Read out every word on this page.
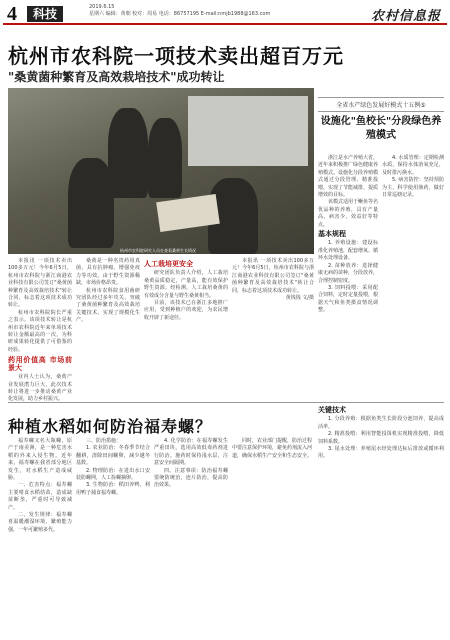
4	科技	2019.6.15
星期六 编辑：黄朝 校对：周易 电话：86757195 E-mail:nmjb1988@163.com	农村信息报
杭州市农科院一项技术卖出超百万元
"桑黄菌种繁育及高效栽培技术"成功转让
杭州市农科院研究人员在查看桑黄生长情况

本报讯 一项技术卖出100多万元！今年6月5日，杭州市农科院与浙江商港农业科技有限公司签订"桑黄菌种繁育及高效栽培技术"转让合同，标志着这项技术成功转让。

杭州市农科院院长严重之表示，该项技术转让是杭州市农科院近年来单项技术转让金额最高的一次，为科研成果转化提供了可借鉴的经验。

药用价值高 市场前景大

业内人士认为，桑黄产业发展潜力巨大，此次技术转让将进一步推动桑黄产业化发展，助力乡村振兴。

桑黄是一种名贵药用真菌，具有抗肿瘤、增强免疫力等功效。由于野生资源稀缺，市场价格昂贵。

杭州市农科院食用菌研究团队经过多年攻关，突破了桑黄菌种繁育及高效栽培关键技术，实现了规模化生产。

人工栽培更安全

研究团队负责人介绍，人工栽培桑黄品质稳定，产量高，能有效保护野生资源。经检测，人工栽培桑黄的有效成分含量与野生桑黄相当。

目前，该技术已在浙江多地推广应用，受到种植户的欢迎，为农民增收开辟了新途径。

本报讯 一项技术卖出100多万元！今年6月5日，杭州市农科院与浙江商港农业科技有限公司签订"桑黄菌种繁育及高效栽培技术"转让合同，标志着这项技术成功转让。

黄钱钱 文/摄

全省水产绿色发展好模式十五例⑤
设施化"鱼校长"分段绿色养殖模式

浙江是水产养殖大省，近年来积极推广绿色健康养殖模式。设施化分段养殖模式通过分段管理、精准投喂，实现了节能减排、提质增效的目标。

该模式适用于鳜鱼等名优品种的养殖，具有产量高、病害少、效益好等特点。

基本规程

1. 养殖设施：建设标准化养殖池，配套增氧、循环水处理设备。

2. 苗种放养：选择健康无病的苗种，分段放养，合理控制密度。

3. 饲料投喂：采用配合饲料，定时定量投喂，根据天气和鱼类摄食情况调整。

4. 水质管理：定期检测水质，保持水体溶氧充足，及时排污换水。

5. 病害防控：坚持预防为主，科学使用渔药，做好日常巡塘记录。

种植水稻如何防治福寿螺？

福寿螺又名大瓶螺，原产于南美洲，是一种危害水稻的外来入侵生物。近年来，福寿螺在我省部分地区发生，对水稻生产造成威胁。

一、危害特点：福寿螺主要啃食水稻幼苗，造成缺苗断垄，严重时可导致减产。

二、发生规律：福寿螺喜温暖潮湿环境，繁殖能力强，一年可繁殖多代。

三、防治措施：

1. 农业防治：冬春季节结合翻耕，清除田间螺卵，减少越冬基数。

2. 物理防治：在进出水口安装防螺网，人工捡螺摘卵。

3. 生物防治：稻田养鸭，利用鸭子捕食福寿螺。

4. 化学防治：在福寿螺发生严重田块，选用高效低毒药剂进行防治。施药时保持浅水层，注意安全间隔期。

四、注意事项：防治福寿螺要统防统治，连片防治，提高防治效果。

同时，农业部门提醒，防治过程中要注意保护环境，避免药剂流入河道，确保水稻生产安全和生态安全。

关键技术

1. 分段养殖：根据鱼类生长阶段分池饲养，提高成活率。

2. 精准投喂：利用智能投饵机实现精准投喂，降低饲料系数。

3. 尾水处理：养殖尾水经处理达标后排放或循环利用。
